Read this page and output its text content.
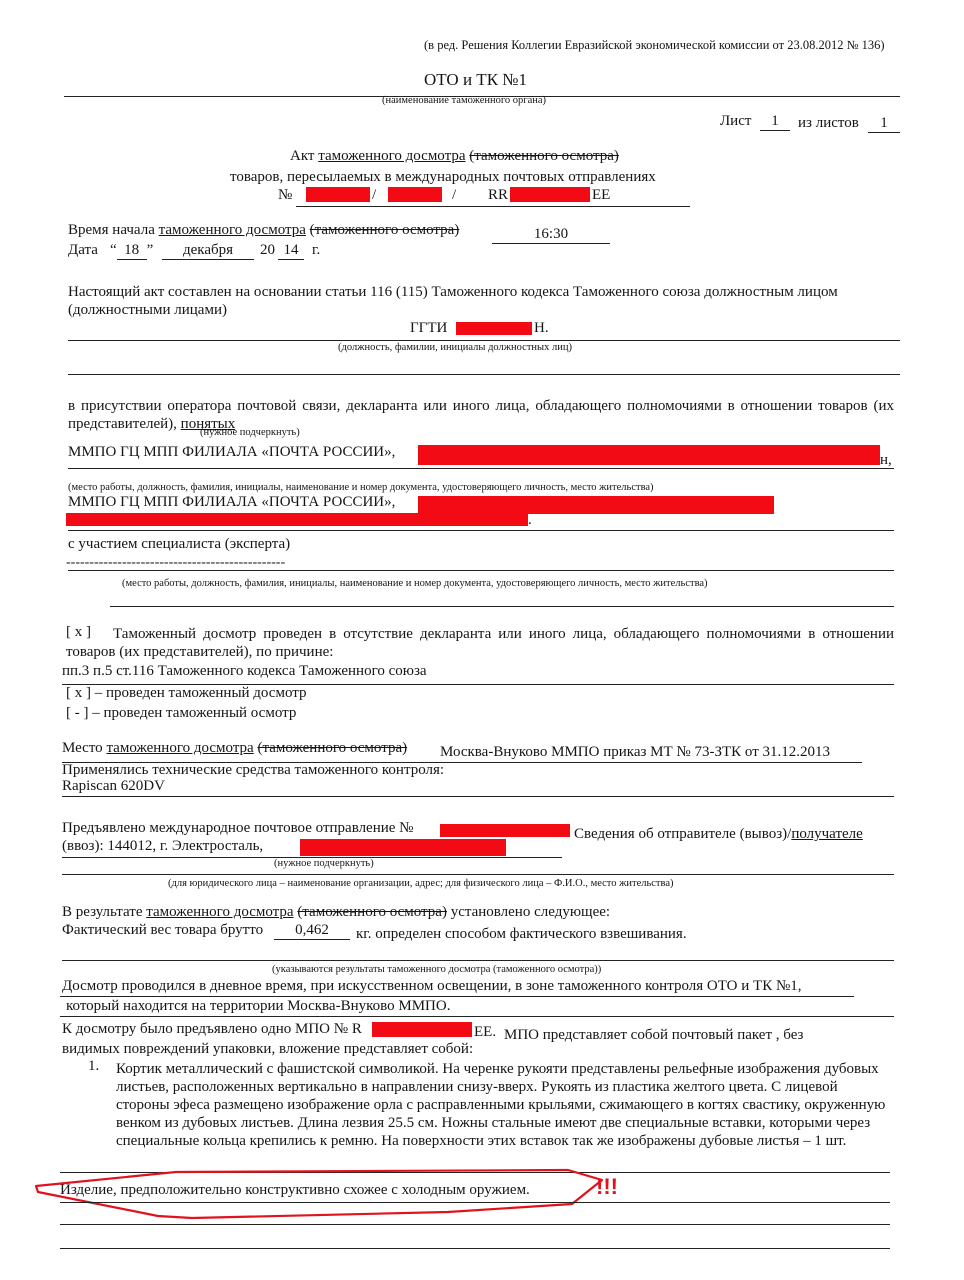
(в ред. Решения Коллегии Евразийской экономической комиссии от 23.08.2012 № 136)
ОТО и ТК №1
(наименование таможенного органа)
Лист	1	из листов	1
Акт таможенного досмотра (таможенного осмотра)
товаров, пересылаемых в международных почтовых отправлениях
№	/	/ RR	EE
Время начала таможенного досмотра (таможенного осмотра)	16:30
Дата “ 18 ”	декабря	20 14 г.
Настоящий акт составлен на основании статьи 116 (115) Таможенного кодекса Таможенного союза должностным лицом (должностными лицами)
ГГТИ	Н.
(должность, фамилии, инициалы должностных лиц)
в присутствии оператора почтовой связи, декларанта или иного лица, обладающего полномочиями в отношении товаров (их представителей), понятых
(нужное подчеркнуть)
ММПО ГЦ МПП ФИЛИАЛА «ПОЧТА РОССИИ»,	н,
(место работы, должность, фамилия, инициалы, наименование и номер документа, удостоверяющего личность, место жительства)
ММПО ГЦ МПП ФИЛИАЛА «ПОЧТА РОССИИ»,
.
с участием специалиста (эксперта)
-----------------------------------------------
(место работы, должность, фамилия, инициалы, наименование и номер документа, удостоверяющего личность, место жительства)
[ x ]	Таможенный досмотр проведен в отсутствие декларанта или иного лица, обладающего полномочиями в отношении товаров (их представителей), по причине:
пп.3 п.5 ст.116 Таможенного кодекса Таможенного союза
[ x ] – проведен таможенный досмотр
[ - ] – проведен таможенный осмотр
Место таможенного досмотра (таможенного осмотра) Москва-Внуково ММПО приказ МТ № 73-ЗТК от 31.12.2013
Применялись технические средства таможенного контроля:
Rapiscan 620DV
Предъявлено международное почтовое отправление №	Сведения об отправителе (вывоз)/получателе
(ввоз): 144012, г. Электросталь,
(нужное подчеркнуть)
(для юридического лица – наименование организации, адрес; для физического лица – Ф.И.О., место жительства)
В результате таможенного досмотра (таможенного осмотра) установлено следующее:
Фактический вес товара брутто	0,462	кг. определен способом фактического взвешивания.
(указываются результаты таможенного досмотра (таможенного осмотра))
Досмотр проводился в дневное время, при искусственном освещении, в зоне таможенного контроля ОТО и ТК №1,
который находится на территории Москва-Внуково ММПО.
К досмотру было предъявлено одно МПО № R	EE. МПО представляет собой почтовый пакет , без
видимых повреждений упаковки, вложение представляет собой:
1. Кортик металлический с фашистской символикой. На черенке рукояти представлены рельефные изображения дубовых листьев, расположенных вертикально в направлении снизу-вверх. Рукоять из пластика желтого цвета. С лицевой стороны эфеса размещено изображение орла с расправленными крыльями, сжимающего в когтях свастику, окруженную венком из дубовых листьев. Длина лезвия 25.5 см. Ножны стальные имеют две специальные вставки, которыми через специальные кольца крепились к ремню. На поверхности этих вставок так же изображены дубовые листья – 1 шт.
Изделие, предположительно конструктивно схожее с холодным оружием.	!!!
